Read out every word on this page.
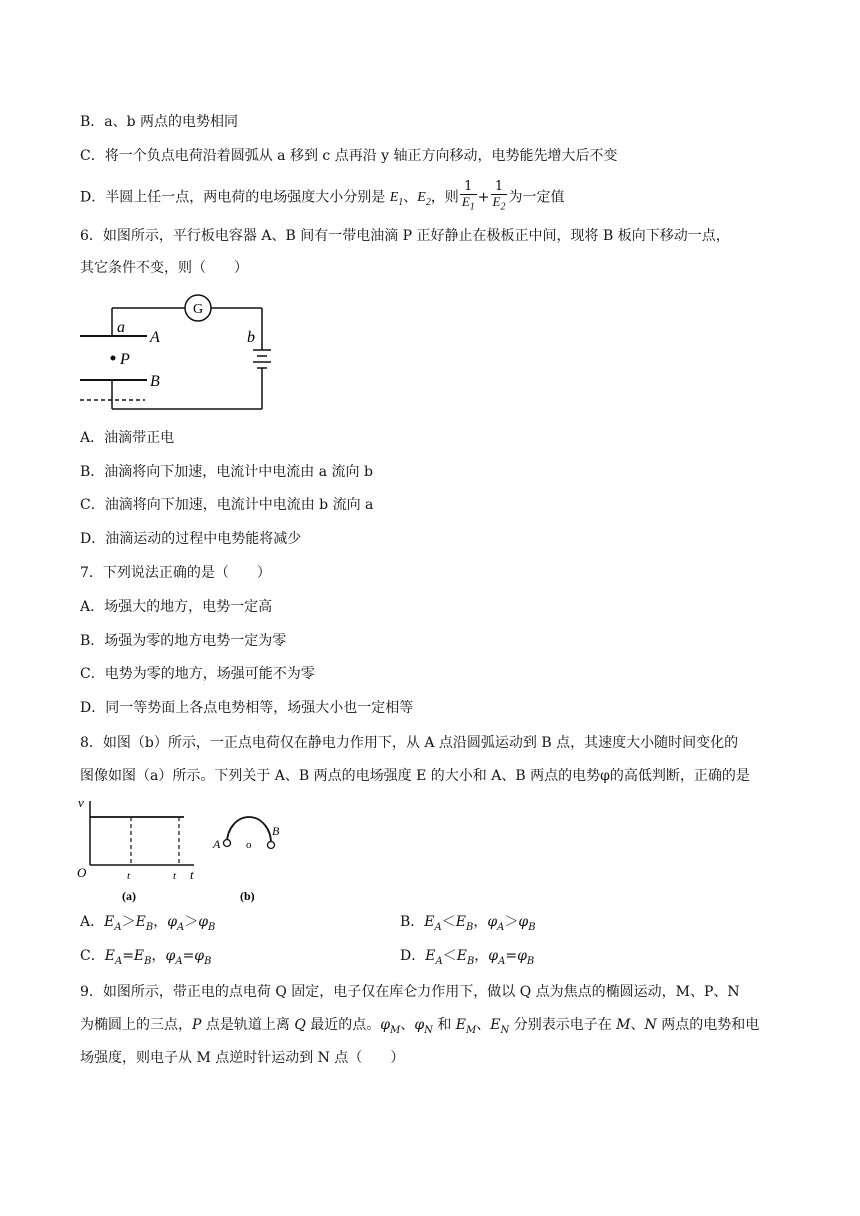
B．a、b 两点的电势相同
C．将一个负点电荷沿着圆弧从 a 移到 c 点再沿 y 轴正方向移动，电势能先增大后不变
D．半圆上任一点，两电荷的电场强度大小分别是 $E_1$、$E_2$，则 $\frac{1}{E_1} + \frac{1}{E_2}$ 为一定值
6．如图所示，平行板电容器 A、B 间有一带电油滴 P 正好静止在极板正中间，现将 B 板向下移动一点，
其它条件不变，则（　　）
G
a
A
P
B
b
A．油滴带正电
B．油滴将向下加速，电流计中电流由 a 流向 b
C．油滴将向下加速，电流计中电流由 b 流向 a
D．油滴运动的过程中电势能将减少
7．下列说法正确的是（　　）
A．场强大的地方，电势一定高
B．场强为零的地方电势一定为零
C．电势为零的地方，场强可能不为零
D．同一等势面上各点电势相等，场强大小也一定相等
8．如图（b）所示，一正点电荷仅在静电力作用下，从 A 点沿圆弧运动到 B 点，其速度大小随时间变化的
图像如图（a）所示。下列关于 A、B 两点的电场强度 E 的大小和 A、B 两点的电势φ的高低判断，正确的是
v
O	t	t t
(a)
A o
B
(b)
A．$E_A>E_B$，$\varphi_A>\varphi_B$	B．$E_A<E_B$，$\varphi_A>\varphi_B$
C．$E_A=E_B$，$\varphi_A=\varphi_B$	D．$E_A<E_B$，$\varphi_A=\varphi_B$
9．如图所示，带正电的点电荷 Q 固定，电子仅在库仑力作用下，做以 Q 点为焦点的椭圆运动，M、P、N
为椭圆上的三点，P 点是轨道上离 Q 最近的点。$\varphi_M$、$\varphi_N$ 和 $E_M$、$E_N$ 分别表示电子在 M、N 两点的电势和电
场强度，则电子从 M 点逆时针运动到 N 点（　　）
